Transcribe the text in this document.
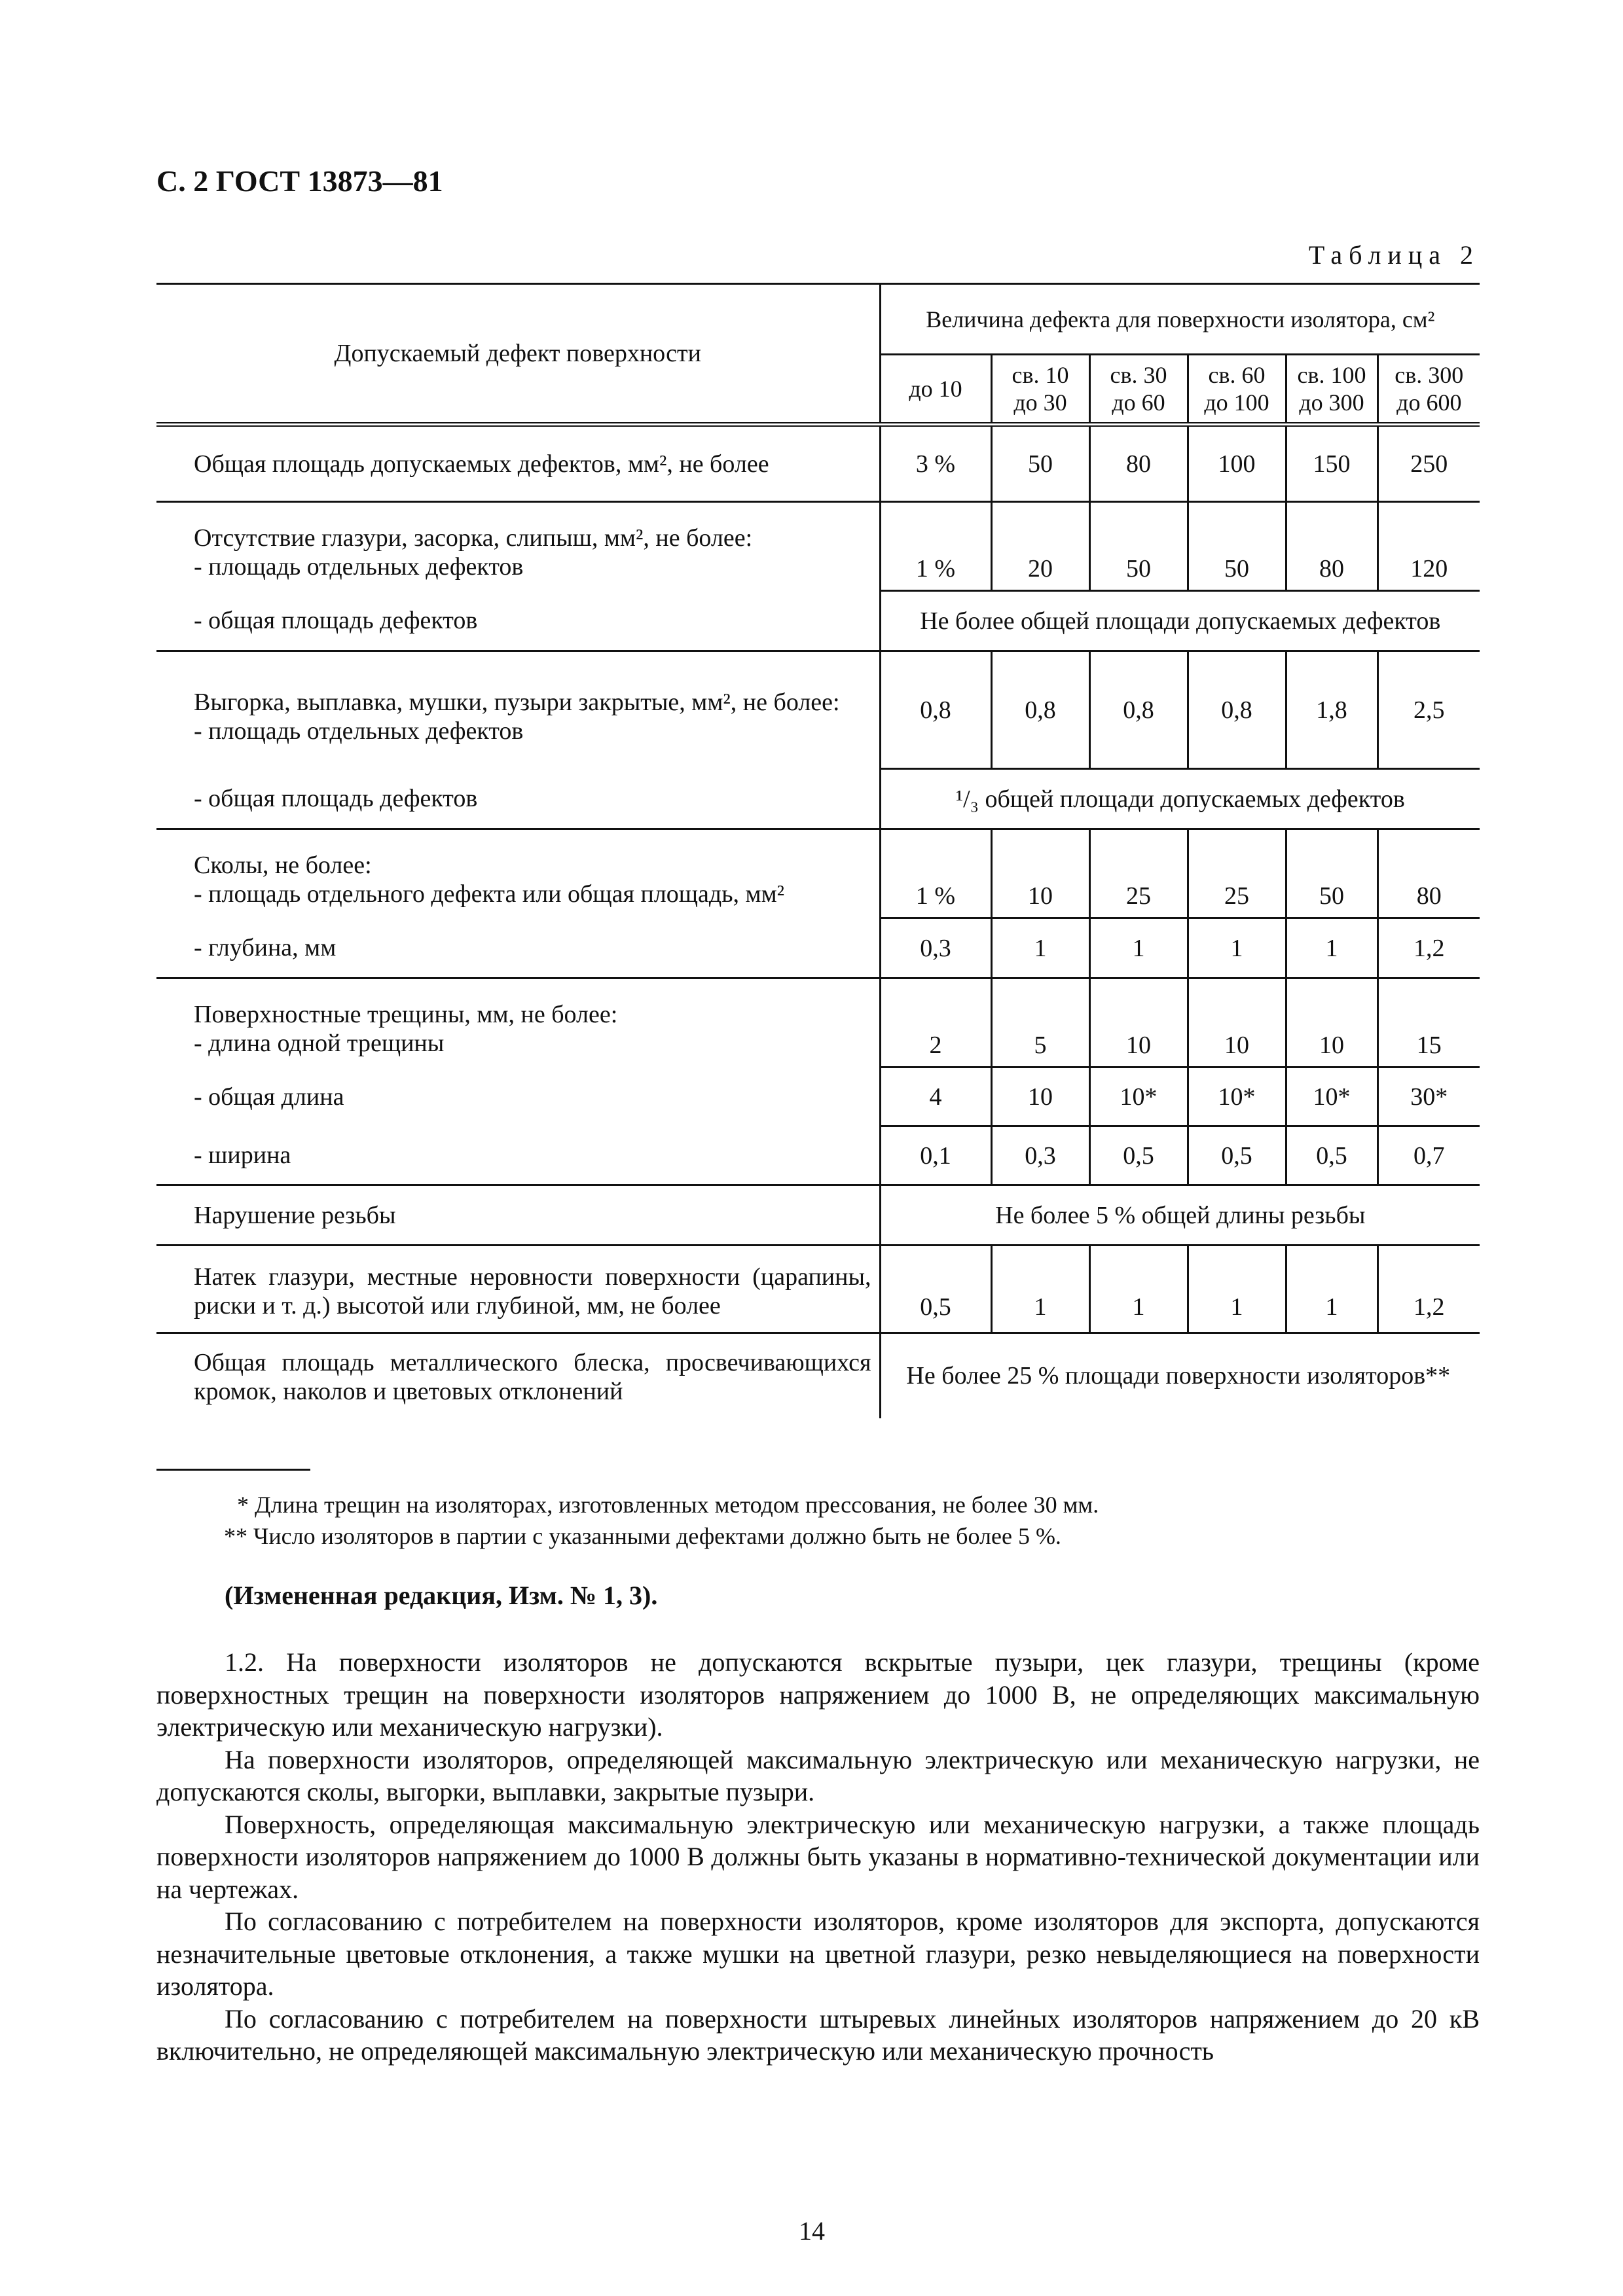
С. 2 ГОСТ 13873—81
Таблица 2
Допускаемый дефект поверхности	Величина дефекта для поверхности изолятора, см²					
	до 10	св. 10 до 30	св. 30 до 60	св. 60 до 100	св. 100 до 300	св. 300 до 600

Общая площадь допускаемых дефектов, мм², не более	3 %	50	80	100	150	250

Отсутствие глазури, засорка, слипыш, мм², не более:
- площадь отдельных дефектов	1 %	20	50	50	80	120
- общая площадь дефектов	Не более общей площади допускаемых дефектов					

Выгорка, выплавка, мушки, пузыри закрытые, мм², не более:
- площадь отдельных дефектов	0,8	0,8	0,8	0,8	1,8	2,5
- общая площадь дефектов	¹/₃ общей площади допускаемых дефектов					

Сколы, не более:
- площадь отдельного дефекта или общая площадь, мм²	1 %	10	25	25	50	80
- глубина, мм	0,3	1	1	1	1	1,2

Поверхностные трещины, мм, не более:
- длина одной трещины	2	5	10	10	10	15
- общая длина	4	10	10*	10*	10*	30*
- ширина	0,1	0,3	0,5	0,5	0,5	0,7
Нарушение резьбы	Не более 5 % общей длины резьбы					
Натек глазури, местные неровности поверхности (царапины, риски и т. д.) высотой или глубиной, мм, не более	0,5	1	1	1	1	1,2
Общая площадь металлического блеска, просвечивающихся кромок, наколов и цветовых отклонений	Не более 25 % площади поверхности изоляторов**					
* Длина трещин на изоляторах, изготовленных методом прессования, не более 30 мм.
** Число изоляторов в партии с указанными дефектами должно быть не более 5 %.
(Измененная редакция, Изм. № 1, 3).

1.2. На поверхности изоляторов не допускаются вскрытые пузыри, цек глазури, трещины (кроме поверхностных трещин на поверхности изоляторов напряжением до 1000 В, не определяющих максимальную электрическую или механическую нагрузки).

На поверхности изоляторов, определяющей максимальную электрическую или механическую нагрузки, не допускаются сколы, выгорки, выплавки, закрытые пузыри.

Поверхность, определяющая максимальную электрическую или механическую нагрузки, а также площадь поверхности изоляторов напряжением до 1000 В должны быть указаны в нормативно-технической документации или на чертежах.

По согласованию с потребителем на поверхности изоляторов, кроме изоляторов для экспорта, допускаются незначительные цветовые отклонения, а также мушки на цветной глазури, резко невыделяющиеся на поверхности изолятора.

По согласованию с потребителем на поверхности штыревых линейных изоляторов напряжением до 20 кВ включительно, не определяющей максимальную электрическую или механическую прочность

14
